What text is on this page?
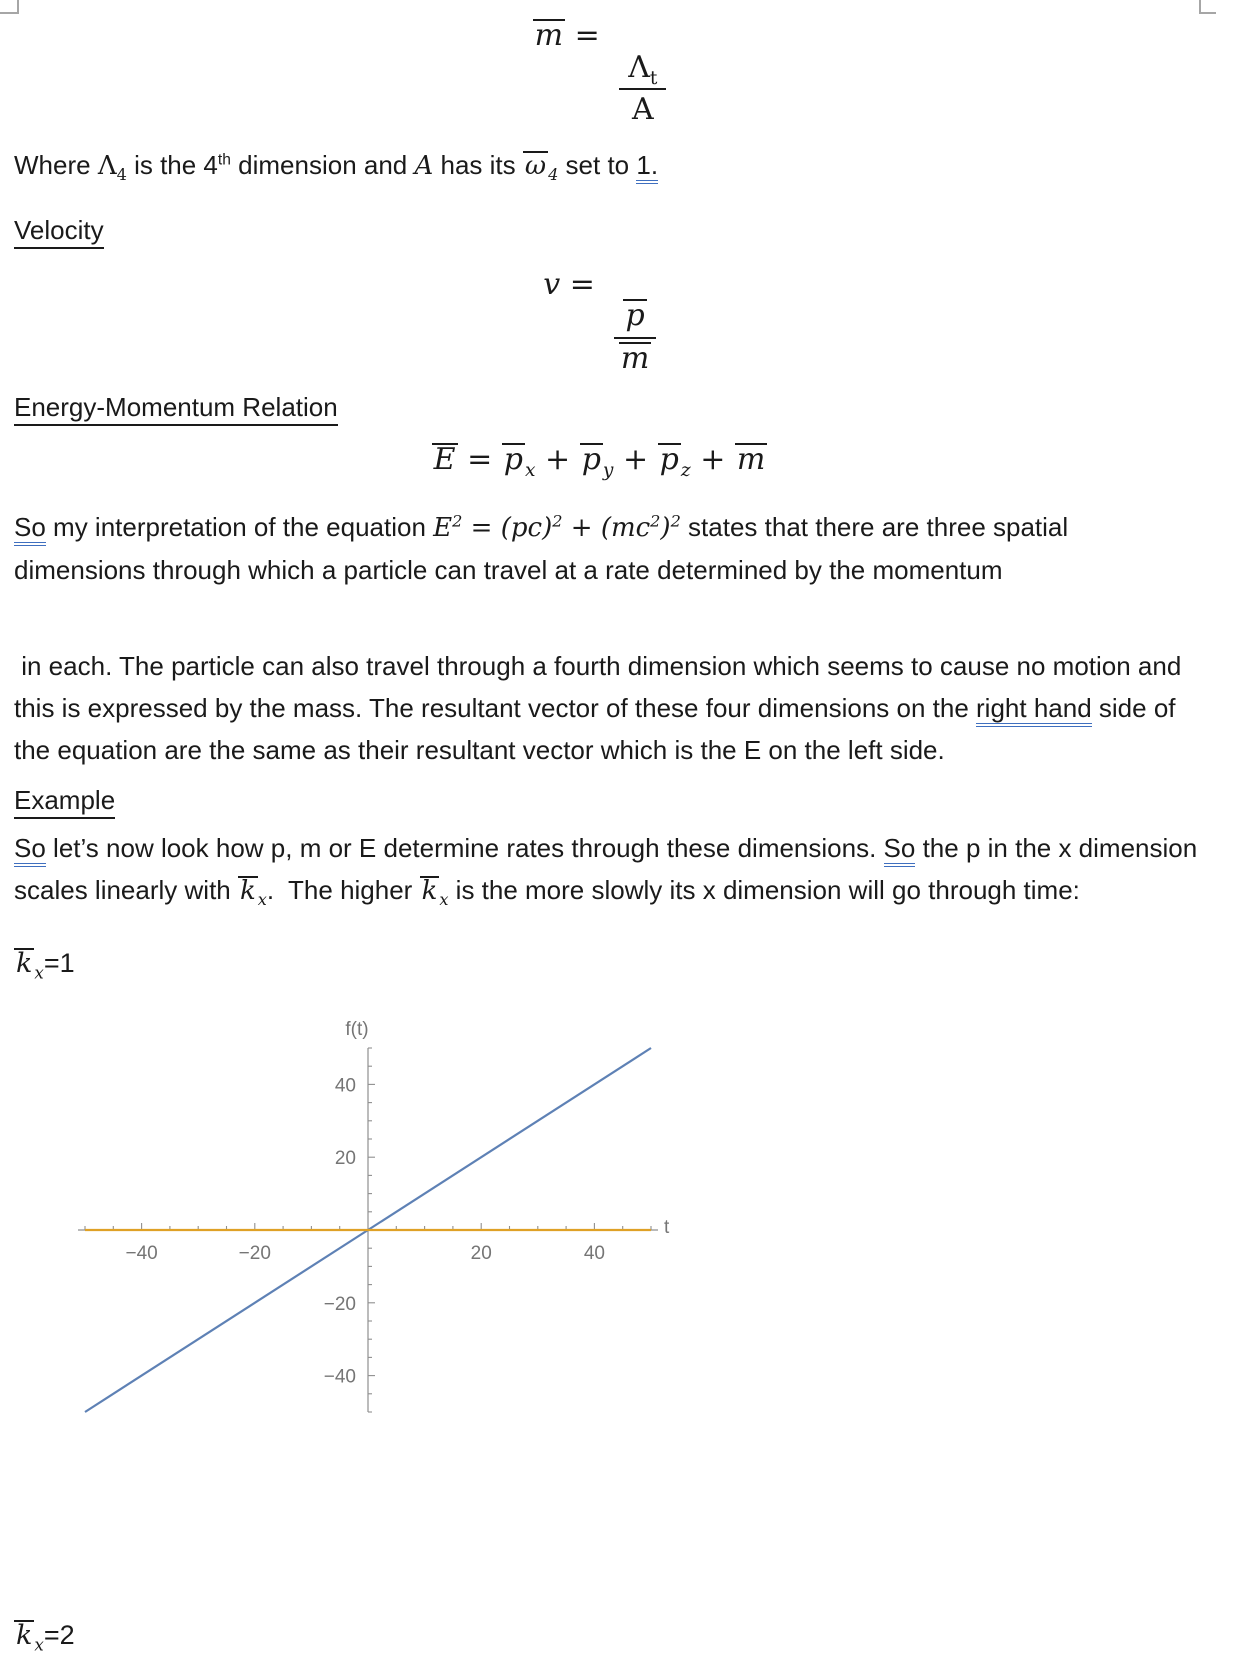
m =
$\frac{\Lambda_t}{A}$

Where $\Lambda_4$ is the 4th dimension and A has its ω $_4$ set to 1.

Velocity
v =
$\frac{p}{m}$
Energy-Momentum Relation
E = p $_x$ + p $_y$ + p $_z$ + m

So my interpretation of the equation $E^2 = (pc)^2 + (mc^2)^2$ states that there are three spatial
dimensions through which a particle can travel at a rate determined by the momentum

in each. The particle can also travel through a fourth dimension which seems to cause no motion and
this is expressed by the mass. The resultant vector of these four dimensions on the right hand side of
the equation are the same as their resultant vector which is the E on the left side.

Example

So let’s now look how p, m or E determine rates through these dimensions. So the p in the x dimension
scales linearly with k $_x$.  The higher k $_x$ is the more slowly its x dimension will go through time:

k $_x$=1
−40	−20	20	40
−40
−20
20
40
f(t)
t
k $_x$=2
